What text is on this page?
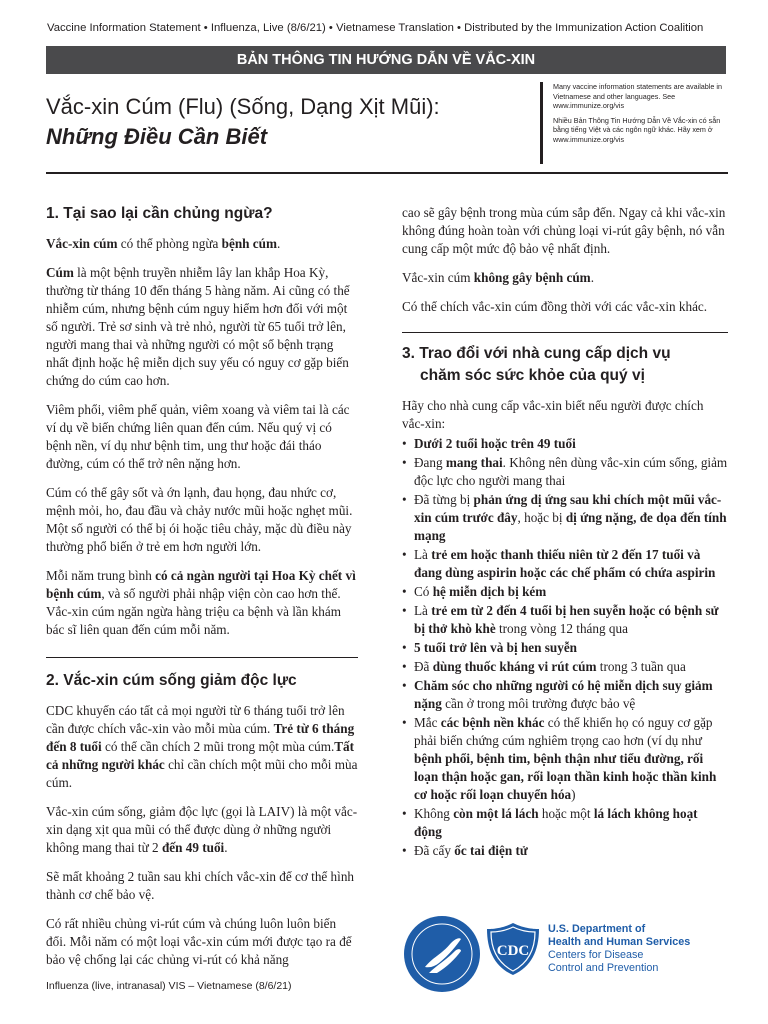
Vaccine Information Statement • Influenza, Live (8/6/21) • Vietnamese Translation • Distributed by the Immunization Action Coalition
BẢN THÔNG TIN HƯỚNG DẪN VỀ VẮC-XIN
Vắc-xin Cúm (Flu) (Sống, Dạng Xịt Mũi):
Những Điều Cần Biết

Many vaccine information statements are available in Vietnamese and other languages. See www.immunize.org/vis

Nhiều Bản Thông Tin Hướng Dẫn Về Vắc-xin có sẵn bằng tiếng Việt và các ngôn ngữ khác. Hãy xem ở www.immunize.org/vis

1. Tại sao lại cần chủng ngừa?

Vắc-xin cúm có thể phòng ngừa bệnh cúm.

Cúm là một bệnh truyền nhiễm lây lan khắp Hoa Kỳ, thường từ tháng 10 đến tháng 5 hàng năm. Ai cũng có thể nhiễm cúm, nhưng bệnh cúm nguy hiểm hơn đối với một số người. Trẻ sơ sinh và trẻ nhỏ, người từ 65 tuổi trở lên, người mang thai và những người có một số bệnh trạng nhất định hoặc hệ miễn dịch suy yếu có nguy cơ gặp biến chứng do cúm cao hơn.

Viêm phổi, viêm phế quản, viêm xoang và viêm tai là các ví dụ về biến chứng liên quan đến cúm. Nếu quý vị có bệnh nền, ví dụ như bệnh tim, ung thư hoặc đái tháo đường, cúm có thể trở nên nặng hơn.

Cúm có thể gây sốt và ớn lạnh, đau họng, đau nhức cơ, mệnh mỏi, ho, đau đầu và chảy nước mũi hoặc nghẹt mũi. Một số người có thể bị ói hoặc tiêu chảy, mặc dù điều này thường phổ biến ở trẻ em hơn người lớn.

Mỗi năm trung bình có cả ngàn người tại Hoa Kỳ chết vì bệnh cúm, và số người phải nhập viện còn cao hơn thế. Vắc-xin cúm ngăn ngừa hàng triệu ca bệnh và lần khám bác sĩ liên quan đến cúm mỗi năm.

2. Vắc-xin cúm sống giảm độc lực

CDC khuyến cáo tất cả mọi người từ 6 tháng tuổi trở lên cần được chích vắc-xin vào mỗi mùa cúm. Trẻ từ 6 tháng đến 8 tuổi có thể cần chích 2 mũi trong một mùa cúm.Tất cả những người khác chỉ cần chích một mũi cho mỗi mùa cúm.

Vắc-xin cúm sống, giảm độc lực (gọi là LAIV) là một vắc-xin dạng xịt qua mũi có thể được dùng ở những người không mang thai từ 2 đến 49 tuổi.

Sẽ mất khoảng 2 tuần sau khi chích vắc-xin để cơ thể hình thành cơ chế bảo vệ.

Có rất nhiều chủng vi-rút cúm và chúng luôn luôn biến đổi. Mỗi năm có một loại vắc-xin cúm mới được tạo ra để bảo vệ chống lại các chủng vi-rút có khả năng

cao sẽ gây bệnh trong mùa cúm sắp đến. Ngay cả khi vắc-xin không đúng hoàn toàn với chủng loại vi-rút gây bệnh, nó vẫn cung cấp một mức độ bảo vệ nhất định.

Vắc-xin cúm không gây bệnh cúm.

Có thể chích vắc-xin cúm đồng thời với các vắc-xin khác.

3. Trao đổi với nhà cung cấp dịch vụ
chăm sóc sức khỏe của quý vị

Hãy cho nhà cung cấp vắc-xin biết nếu người được chích vắc-xin:

• Dưới 2 tuổi hoặc trên 49 tuổi
• Đang mang thai. Không nên dùng vắc-xin cúm sống, giảm độc lực cho người mang thai
• Đã từng bị phản ứng dị ứng sau khi chích một mũi vắc-xin cúm trước đây, hoặc bị dị ứng nặng, đe dọa đến tính mạng
• Là trẻ em hoặc thanh thiếu niên từ 2 đến 17 tuổi và đang dùng aspirin hoặc các chế phẩm có chứa aspirin
• Có hệ miễn dịch bị kém
• Là trẻ em từ 2 đến 4 tuổi bị hen suyễn hoặc có bệnh sử bị thở khò khè trong vòng 12 tháng qua
• 5 tuổi trở lên và bị hen suyễn
• Đã dùng thuốc kháng vi rút cúm trong 3 tuần qua
• Chăm sóc cho những người có hệ miễn dịch suy giảm nặng cần ở trong môi trường được bảo vệ
• Mắc các bệnh nền khác có thể khiến họ có nguy cơ gặp phải biến chứng cúm nghiêm trọng cao hơn (ví dụ như bệnh phổi, bệnh tim, bệnh thận như tiểu đường, rối loạn thận hoặc gan, rối loạn thần kinh hoặc thần kinh cơ hoặc rối loạn chuyển hóa)
• Không còn một lá lách hoặc một lá lách không hoạt động
• Đã cấy ốc tai điện tử
CDC
U.S. Department of
Health and Human Services
Centers for Disease
Control and Prevention
Influenza (live, intranasal) VIS – Vietnamese (8/6/21)
